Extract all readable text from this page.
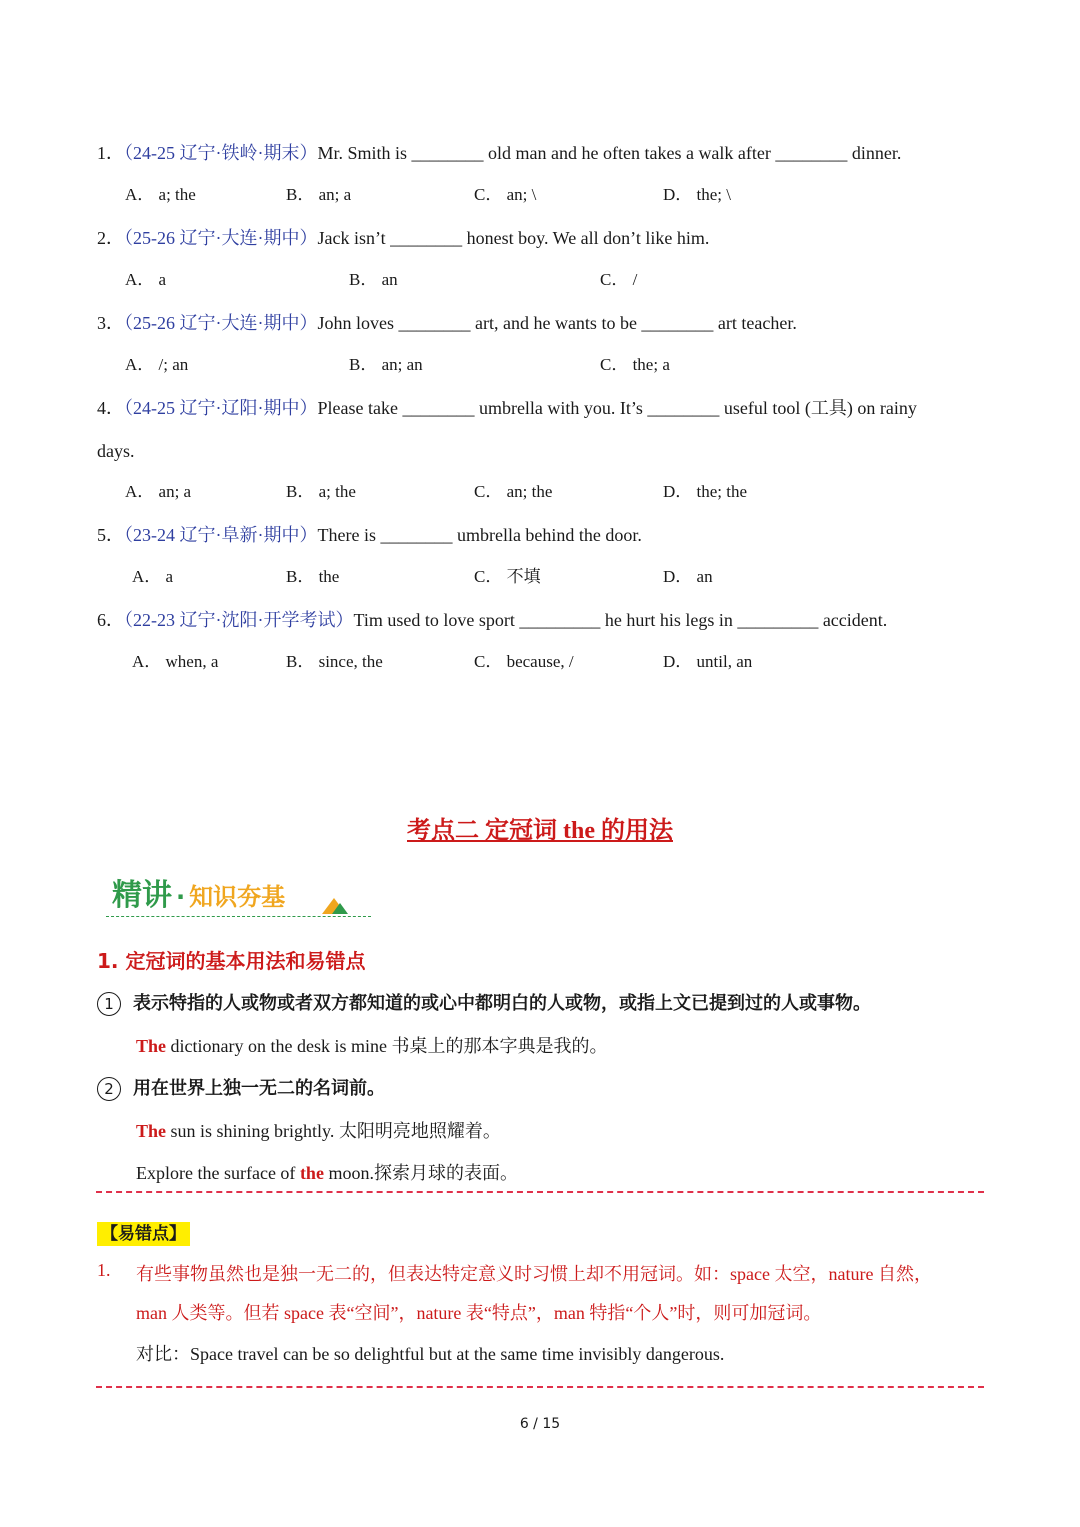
1．（24-25 辽宁·铁岭·期末）Mr. Smith is ________ old man and he often takes a walk after ________ dinner.
A． a; the	B． an; a	C． an; \	D． the; \
2．（25-26 辽宁·大连·期中）Jack isn’t ________ honest boy. We all don’t like him.
A． a	B． an	C． /
3．（25-26 辽宁·大连·期中）John loves ________ art, and he wants to be ________ art teacher.
A． /; an	B． an; an	C． the; a
4．（24-25 辽宁·辽阳·期中）Please take ________ umbrella with you. It’s ________ useful tool (工具) on rainy
days.
A． an; a	B． a; the	C． an; the	D． the; the
5．（23-24 辽宁·阜新·期中）There is ________ umbrella behind the door.
A． a	B． the	C． 不填	D． an
6．（22-23 辽宁·沈阳·开学考试）Tim used to love sport _________ he hurt his legs in _________ accident.
A． when, a	B． since, the	C． because, /	D． until, an
考点二 定冠词 the 的用法
精讲 · 知识夯基
1. 定冠词的基本用法和易错点
1 表示特指的人或物或者双方都知道的或心中都明白的人或物，或指上文已提到过的人或事物。
The dictionary on the desk is mine 书桌上的那本字典是我的。
2 用在世界上独一无二的名词前。
The sun is shining brightly. 太阳明亮地照耀着。
Explore the surface of the moon.探索月球的表面。
【易错点】
1. 有些事物虽然也是独一无二的，但表达特定意义时习惯上却不用冠词。如：space 太空，nature 自然，
man 人类等。但若 space 表“空间”，nature 表“特点”，man 特指“个人”时，则可加冠词。
对比：Space travel can be so delightful but at the same time invisibly dangerous.
6 / 15
